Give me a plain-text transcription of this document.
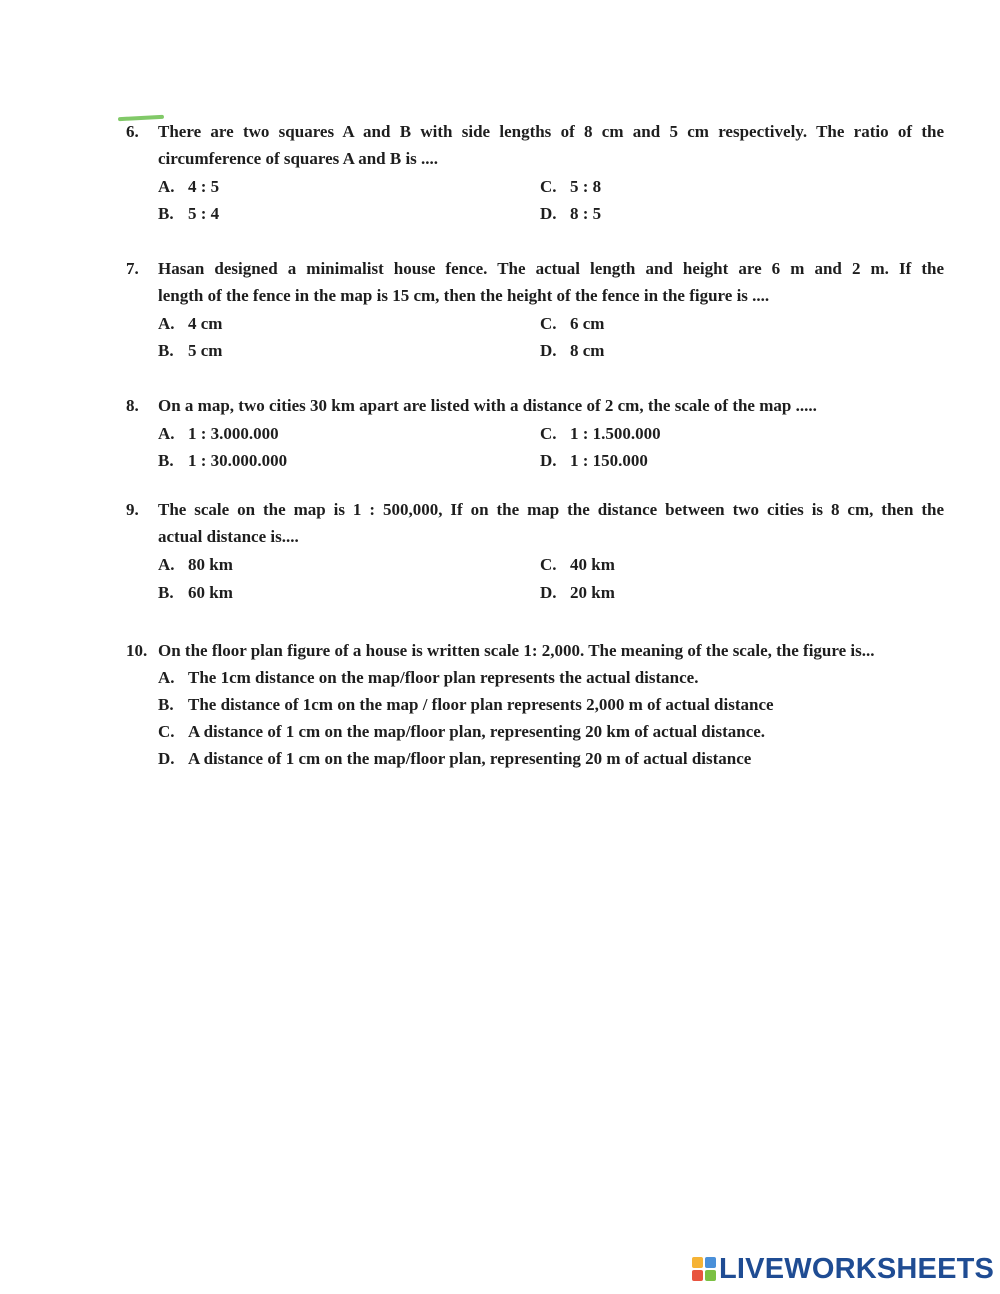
6. There are two squares A and B with side lengths of 8 cm and 5 cm respectively. The ratio of the
circumference of squares A and B is ....
A. 4 : 5
B. 5 : 4
C. 5 : 8
D. 8 : 5
7. Hasan designed a minimalist house fence. The actual length and height are 6 m and 2 m. If the
length of the fence in the map is 15 cm, then the height of the fence in the figure is ....
A. 4 cm
B. 5 cm
C. 6 cm
D. 8 cm
8. On a map, two cities 30 km apart are listed with a distance of 2 cm, the scale of the map .....
A. 1 : 3.000.000
B. 1 : 30.000.000
C. 1 : 1.500.000
D. 1 : 150.000
9. The scale on the map is 1 : 500,000, If on the map the distance between two cities is 8 cm, then the
actual distance is....
A. 80 km
B. 60 km
C. 40 km
D. 20 km
10. On the floor plan figure of a house is written scale 1: 2,000. The meaning of the scale, the figure is...
A. The 1cm distance on the map/floor plan represents the actual distance.
B. The distance of 1cm on the map / floor plan represents 2,000 m of actual distance
C. A distance of 1 cm on the map/floor plan, representing 20 km of actual distance.
D. A distance of 1 cm on the map/floor plan, representing 20 m of actual distance
LIVEWORKSHEETS
